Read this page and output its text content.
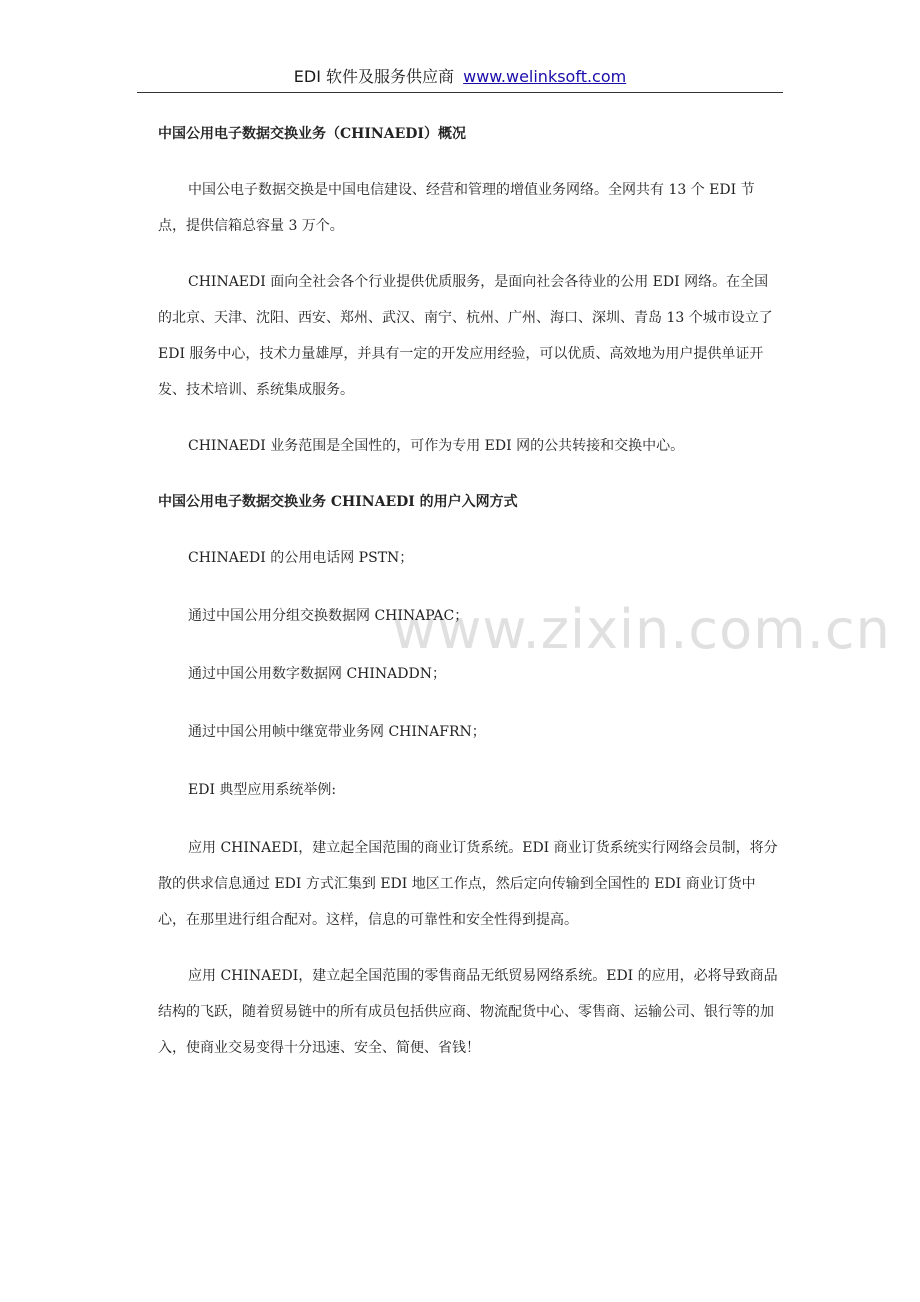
EDI 软件及服务供应商 www.welinksoft.com
www.zixin.com.cn
中国公用电子数据交换业务（CHINAEDI）概况

中国公电子数据交换是中国电信建设、经营和管理的增值业务网络。全网共有 13 个 EDI 节点，提供信箱总容量 3 万个。

CHINAEDI 面向全社会各个行业提供优质服务，是面向社会各待业的公用 EDI 网络。在全国的北京、天津、沈阳、西安、郑州、武汉、南宁、杭州、广州、海口、深圳、青岛 13 个城市设立了 EDI 服务中心，技术力量雄厚，并具有一定的开发应用经验，可以优质、高效地为用户提供单证开发、技术培训、系统集成服务。

CHINAEDI 业务范围是全国性的，可作为专用 EDI 网的公共转接和交换中心。

中国公用电子数据交换业务 CHINAEDI 的用户入网方式

CHINAEDI 的公用电话网 PSTN；

通过中国公用分组交换数据网 CHINAPAC；

通过中国公用数字数据网 CHINADDN；

通过中国公用帧中继宽带业务网 CHINAFRN；

EDI 典型应用系统举例:

应用 CHINAEDI，建立起全国范围的商业订货系统。EDI 商业订货系统实行网络会员制，将分散的供求信息通过 EDI 方式汇集到 EDI 地区工作点，然后定向传输到全国性的 EDI 商业订货中心，在那里进行组合配对。这样，信息的可靠性和安全性得到提高。

应用 CHINAEDI，建立起全国范围的零售商品无纸贸易网络系统。EDI 的应用，必将导致商品结构的飞跃，随着贸易链中的所有成员包括供应商、物流配货中心、零售商、运输公司、银行等的加入，使商业交易变得十分迅速、安全、简便、省钱！
